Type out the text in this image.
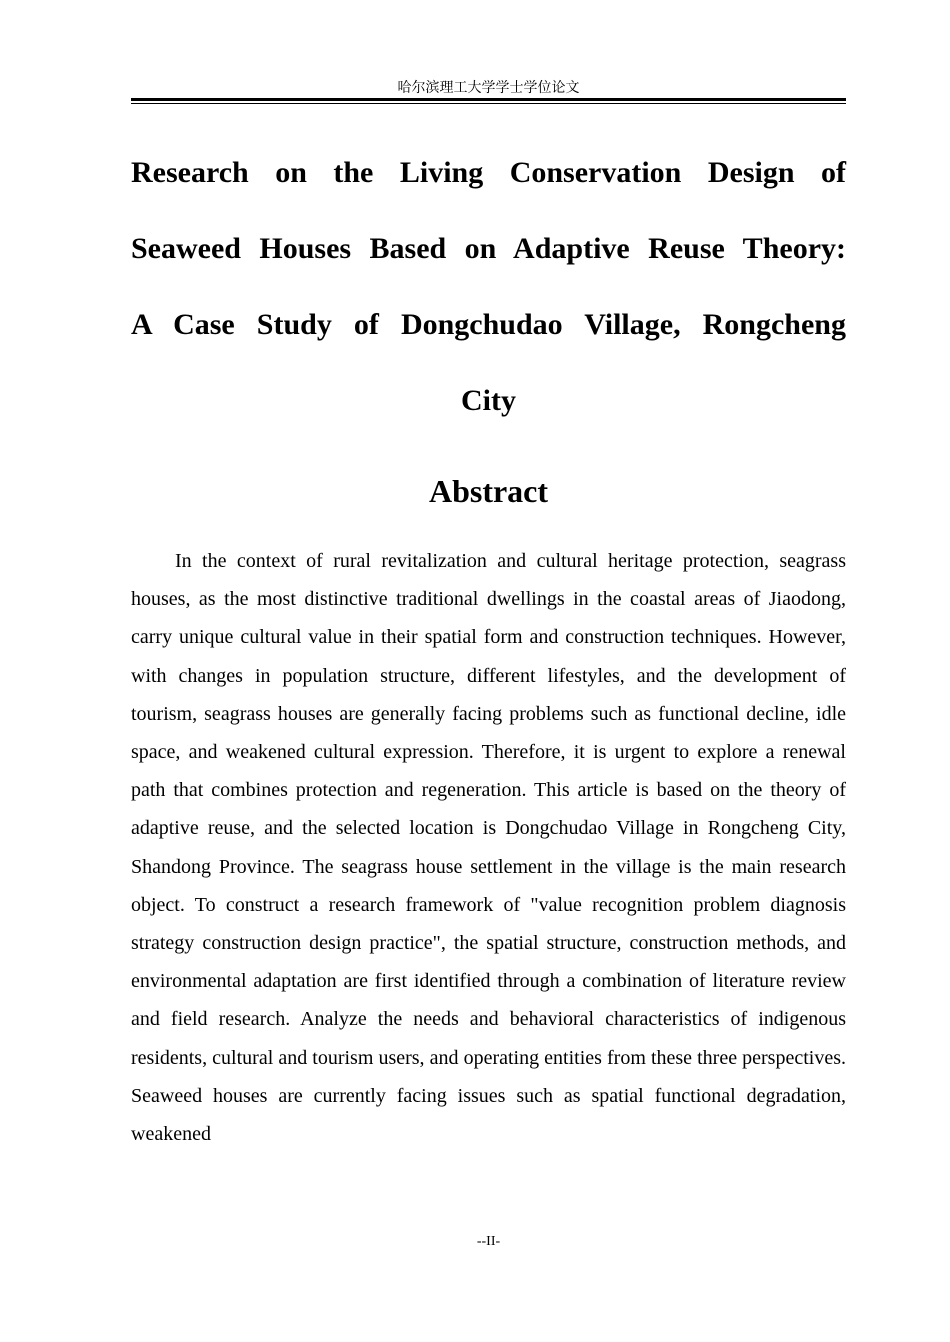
哈尔滨理工大学学士学位论文
Research on the Living Conservation Design of Seaweed Houses Based on Adaptive Reuse Theory: A Case Study of Dongchudao Village, Rongcheng City
Abstract

In the context of rural revitalization and cultural heritage protection, seagrass houses, as the most distinctive traditional dwellings in the coastal areas of Jiaodong, carry unique cultural value in their spatial form and construction techniques. However, with changes in population structure, different lifestyles, and the development of tourism, seagrass houses are generally facing problems such as functional decline, idle space, and weakened cultural expression. Therefore, it is urgent to explore a renewal path that combines protection and regeneration. This article is based on the theory of adaptive reuse, and the selected location is Dongchudao Village in Rongcheng City, Shandong Province. The seagrass house settlement in the village is the main research object. To construct a research framework of "value recognition problem diagnosis strategy construction design practice", the spatial structure, construction methods, and environmental adaptation are first identified through a combination of literature review and field research. Analyze the needs and behavioral characteristics of indigenous residents, cultural and tourism users, and operating entities from these three perspectives. Seaweed houses are currently facing issues such as spatial functional degradation, weakened

--II-
